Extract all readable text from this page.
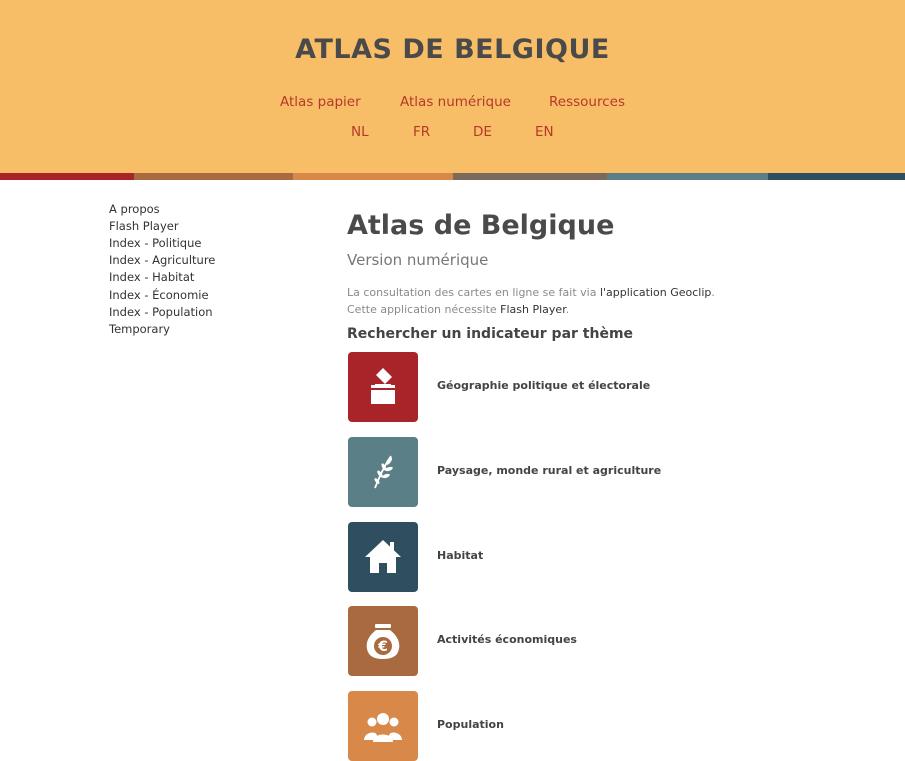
ATLAS DE BELGIQUE
Atlas papier	Atlas numérique	Ressources
NL	FR	DE	EN
A propos
Flash Player
Index - Politique
Index - Agriculture
Index - Habitat
Index - Économie
Index - Population
Temporary
Atlas de Belgique
Version numérique
La consultation des cartes en ligne se fait via l'application Geoclip.
Cette application nécessite Flash Player.
Rechercher un indicateur par thème
Géographie politique et électorale
Paysage, monde rural et agriculture
Habitat
€	Activités économiques
Population
